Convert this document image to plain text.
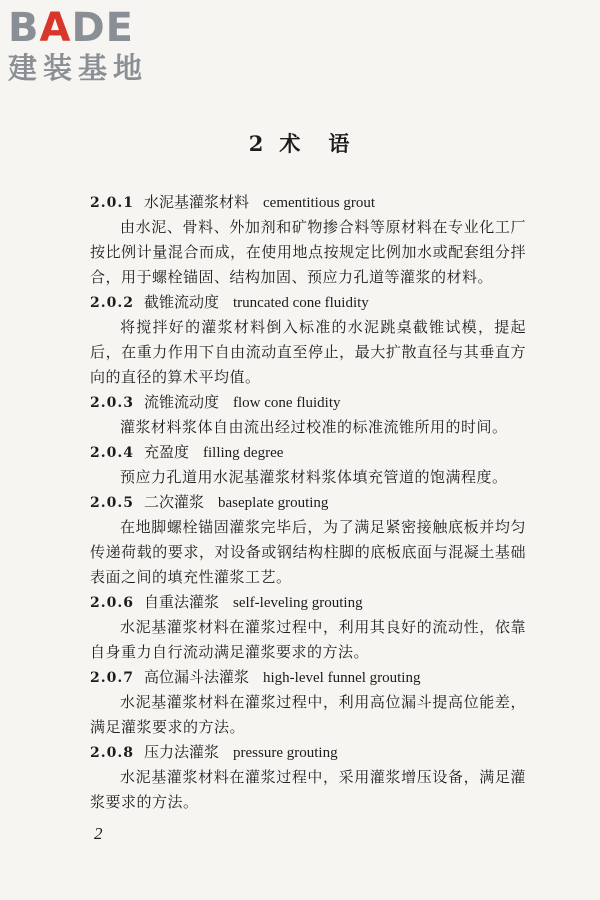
BADE
建装基地
2 术 语
2.0.1 水泥基灌浆材料 cementitious grout

由水泥、骨料、外加剂和矿物掺合料等原材料在专业化工厂按比例计量混合而成，在使用地点按规定比例加水或配套组分拌合，用于螺栓锚固、结构加固、预应力孔道等灌浆的材料。

2.0.2 截锥流动度 truncated cone fluidity

将搅拌好的灌浆材料倒入标准的水泥跳桌截锥试模，提起后，在重力作用下自由流动直至停止，最大扩散直径与其垂直方向的直径的算术平均值。

2.0.3 流锥流动度 flow cone fluidity

灌浆材料浆体自由流出经过校准的标准流锥所用的时间。

2.0.4 充盈度 filling degree

预应力孔道用水泥基灌浆材料浆体填充管道的饱满程度。

2.0.5 二次灌浆 baseplate grouting

在地脚螺栓锚固灌浆完毕后，为了满足紧密接触底板并均匀传递荷载的要求，对设备或钢结构柱脚的底板底面与混凝土基础表面之间的填充性灌浆工艺。

2.0.6 自重法灌浆 self-leveling grouting

水泥基灌浆材料在灌浆过程中，利用其良好的流动性，依靠自身重力自行流动满足灌浆要求的方法。

2.0.7 高位漏斗法灌浆 high-level funnel grouting

水泥基灌浆材料在灌浆过程中，利用高位漏斗提高位能差，满足灌浆要求的方法。

2.0.8 压力法灌浆 pressure grouting

水泥基灌浆材料在灌浆过程中，采用灌浆增压设备，满足灌浆要求的方法。

2
